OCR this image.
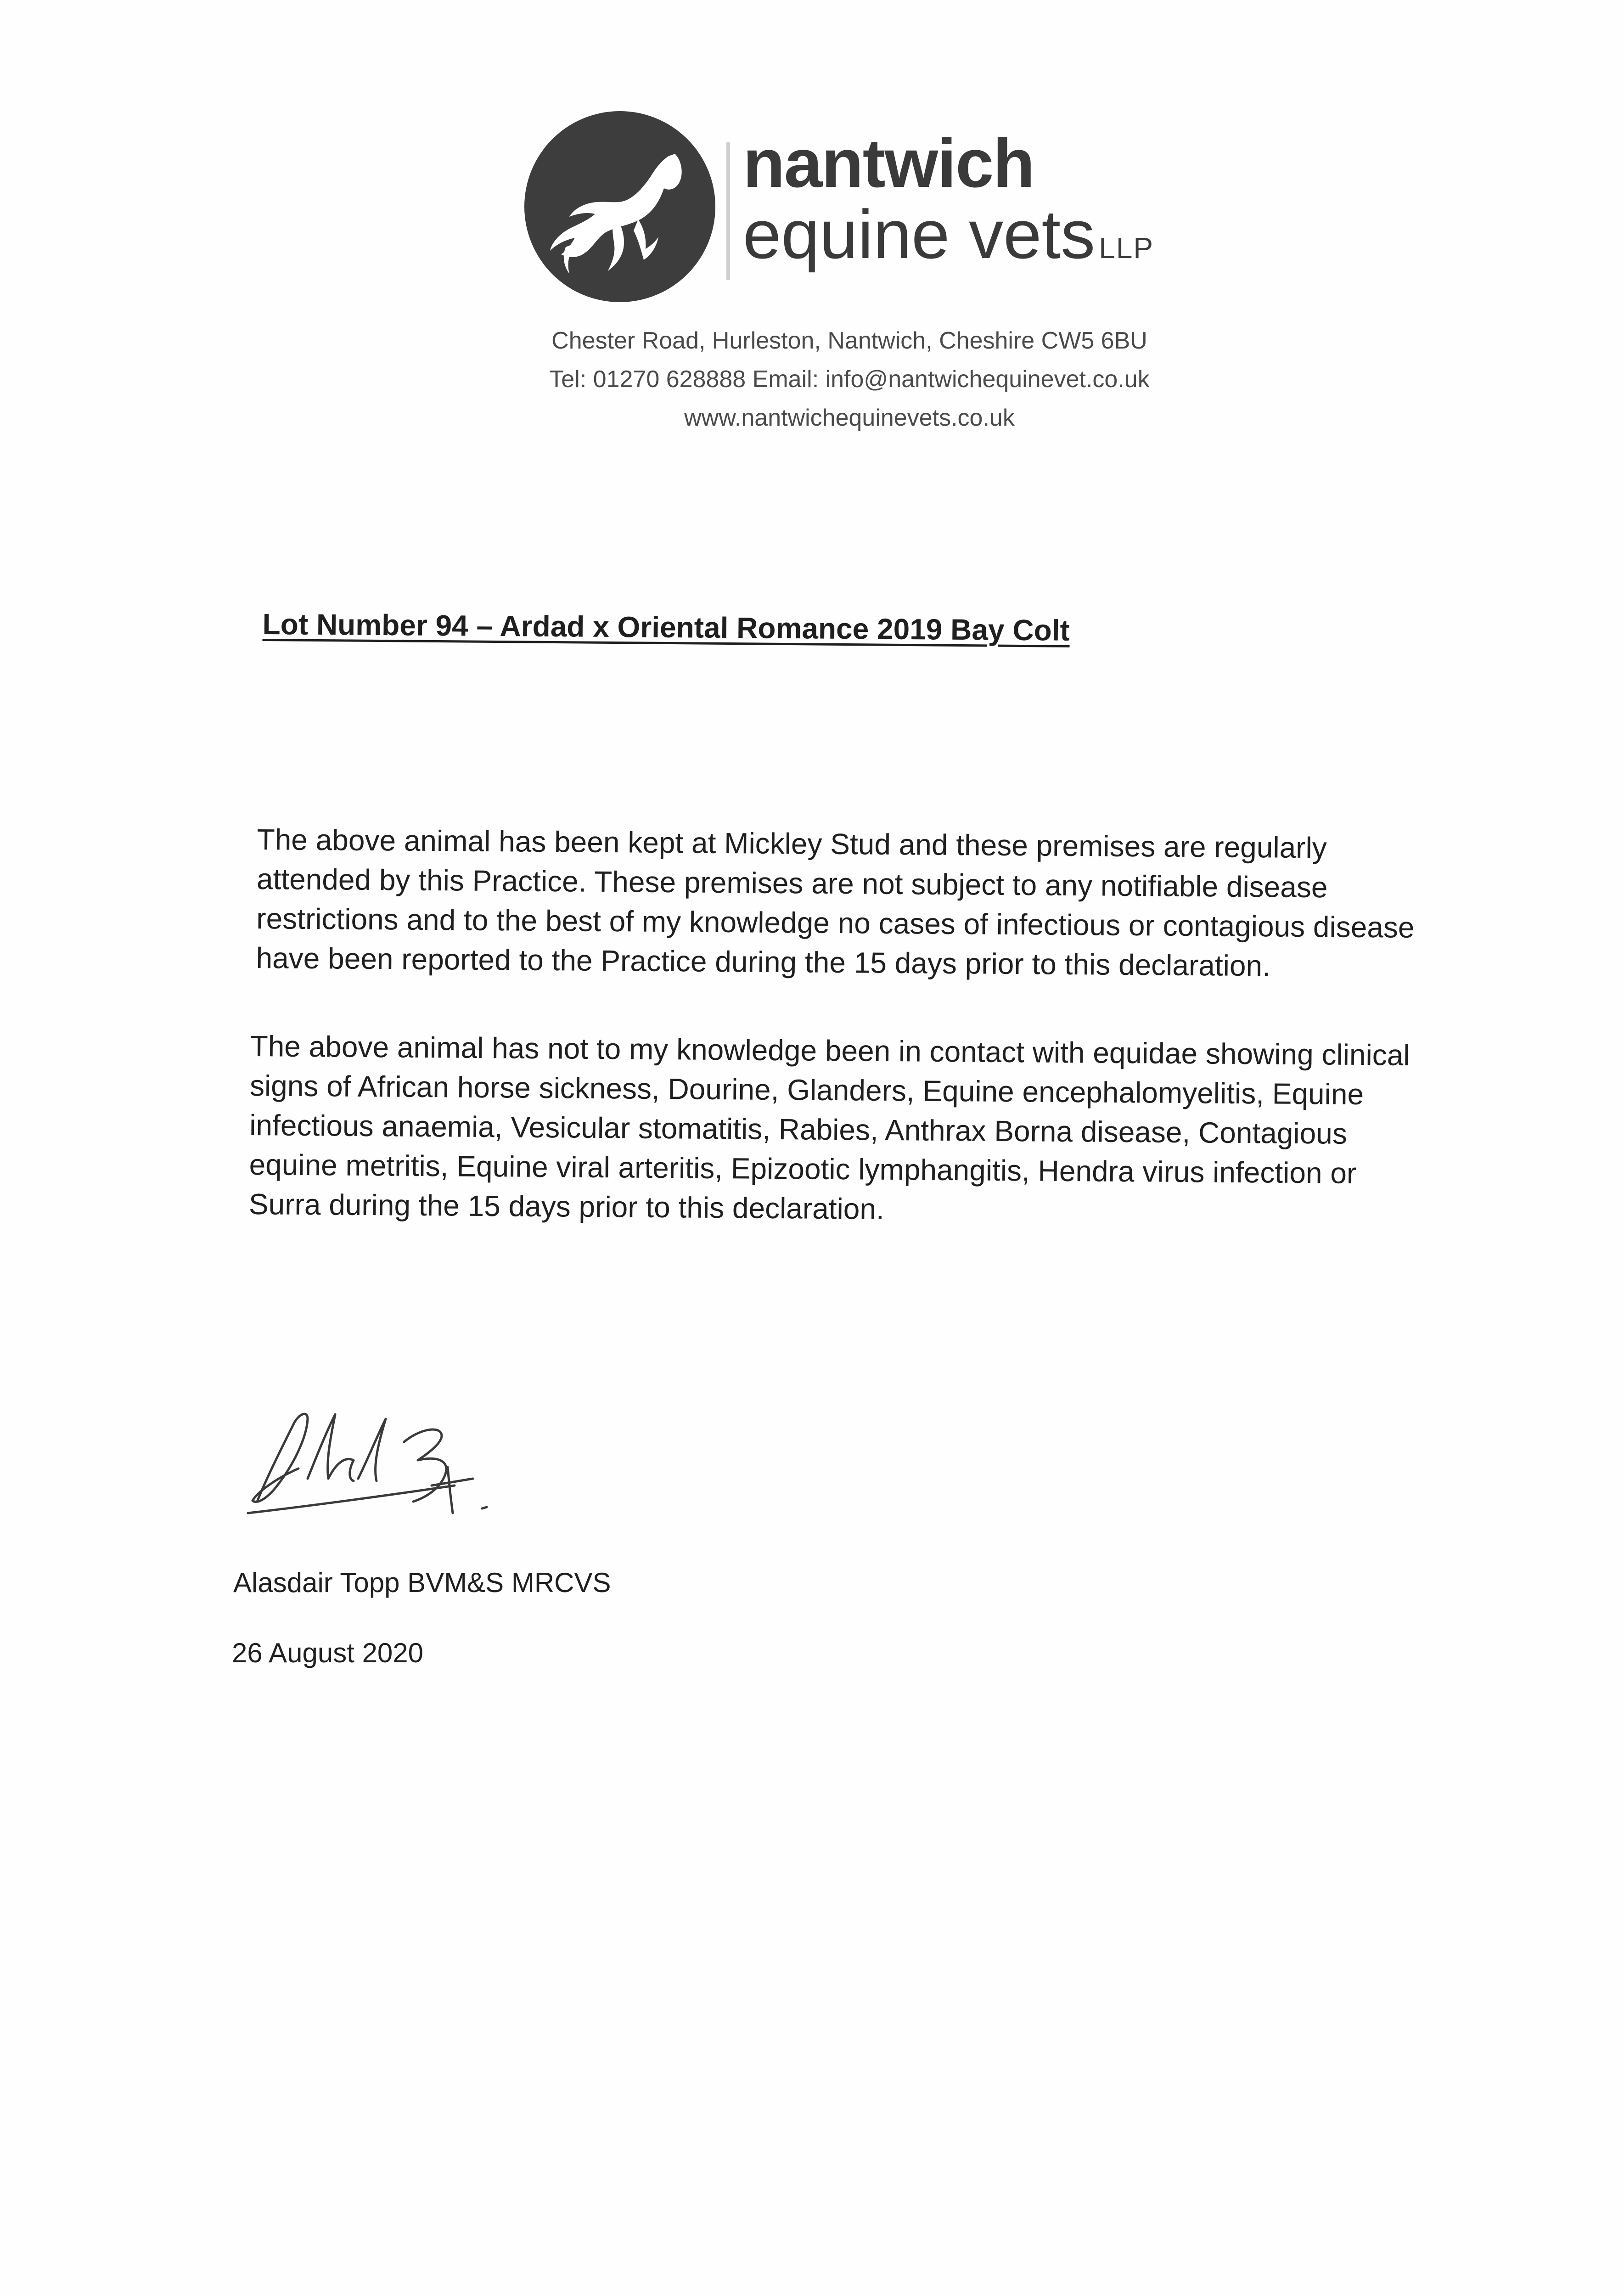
nantwich
equine vets LLP
Chester Road, Hurleston, Nantwich, Cheshire CW5 6BU
Tel: 01270 628888 Email: info@nantwichequinevet.co.uk
www.nantwichequinevets.co.uk
Lot Number 94 – Ardad x Oriental Romance 2019 Bay Colt
The above animal has been kept at Mickley Stud and these premises are regularly attended by this Practice. These premises are not subject to any notifiable disease restrictions and to the best of my knowledge no cases of infectious or contagious disease have been reported to the Practice during the 15 days prior to this declaration.
The above animal has not to my knowledge been in contact with equidae showing clinical signs of African horse sickness, Dourine, Glanders, Equine encephalomyelitis, Equine infectious anaemia, Vesicular stomatitis, Rabies, Anthrax Borna disease, Contagious equine metritis, Equine viral arteritis, Epizootic lymphangitis, Hendra virus infection or Surra during the 15 days prior to this declaration.
Alasdair Topp BVM&S MRCVS
26 August 2020
